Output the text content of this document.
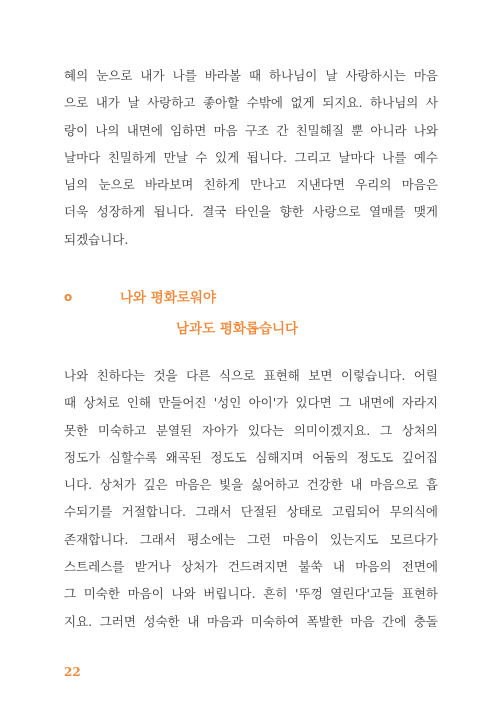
혜의 눈으로 내가 나를 바라볼 때 하나님이 날 사랑하시는 마음
으로 내가 날 사랑하고 좋아할 수밖에 없게 되지요. 하나님의 사
랑이 나의 내면에 임하면 마음 구조 간 친밀해질 뿐 아니라 나와
날마다 친밀하게 만날 수 있게 됩니다. 그리고 날마다 나를 예수
님의 눈으로 바라보며 친하게 만나고 지낸다면 우리의 마음은
더욱 성장하게 됩니다. 결국 타인을 향한 사랑으로 열매를 맺게
되겠습니다.
o	나와 평화로워야
남과도 평화롭습니다
나와 친하다는 것을 다른 식으로 표현해 보면 이렇습니다. 어릴
때 상처로 인해 만들어진 '성인 아이'가 있다면 그 내면에 자라지
못한 미숙하고 분열된 자아가 있다는 의미이겠지요. 그 상처의
정도가 심할수록 왜곡된 정도도 심해지며 어둠의 정도도 깊어집
니다. 상처가 깊은 마음은 빛을 싫어하고 건강한 내 마음으로 흡
수되기를 거절합니다. 그래서 단절된 상태로 고립되어 무의식에
존재합니다. 그래서 평소에는 그런 마음이 있는지도 모르다가
스트레스를 받거나 상처가 건드려지면 불쑥 내 마음의 전면에
그 미숙한 마음이 나와 버립니다. 흔히 '뚜껑 열린다'고들 표현하
지요. 그러면 성숙한 내 마음과 미숙하여 폭발한 마음 간에 충돌
22
